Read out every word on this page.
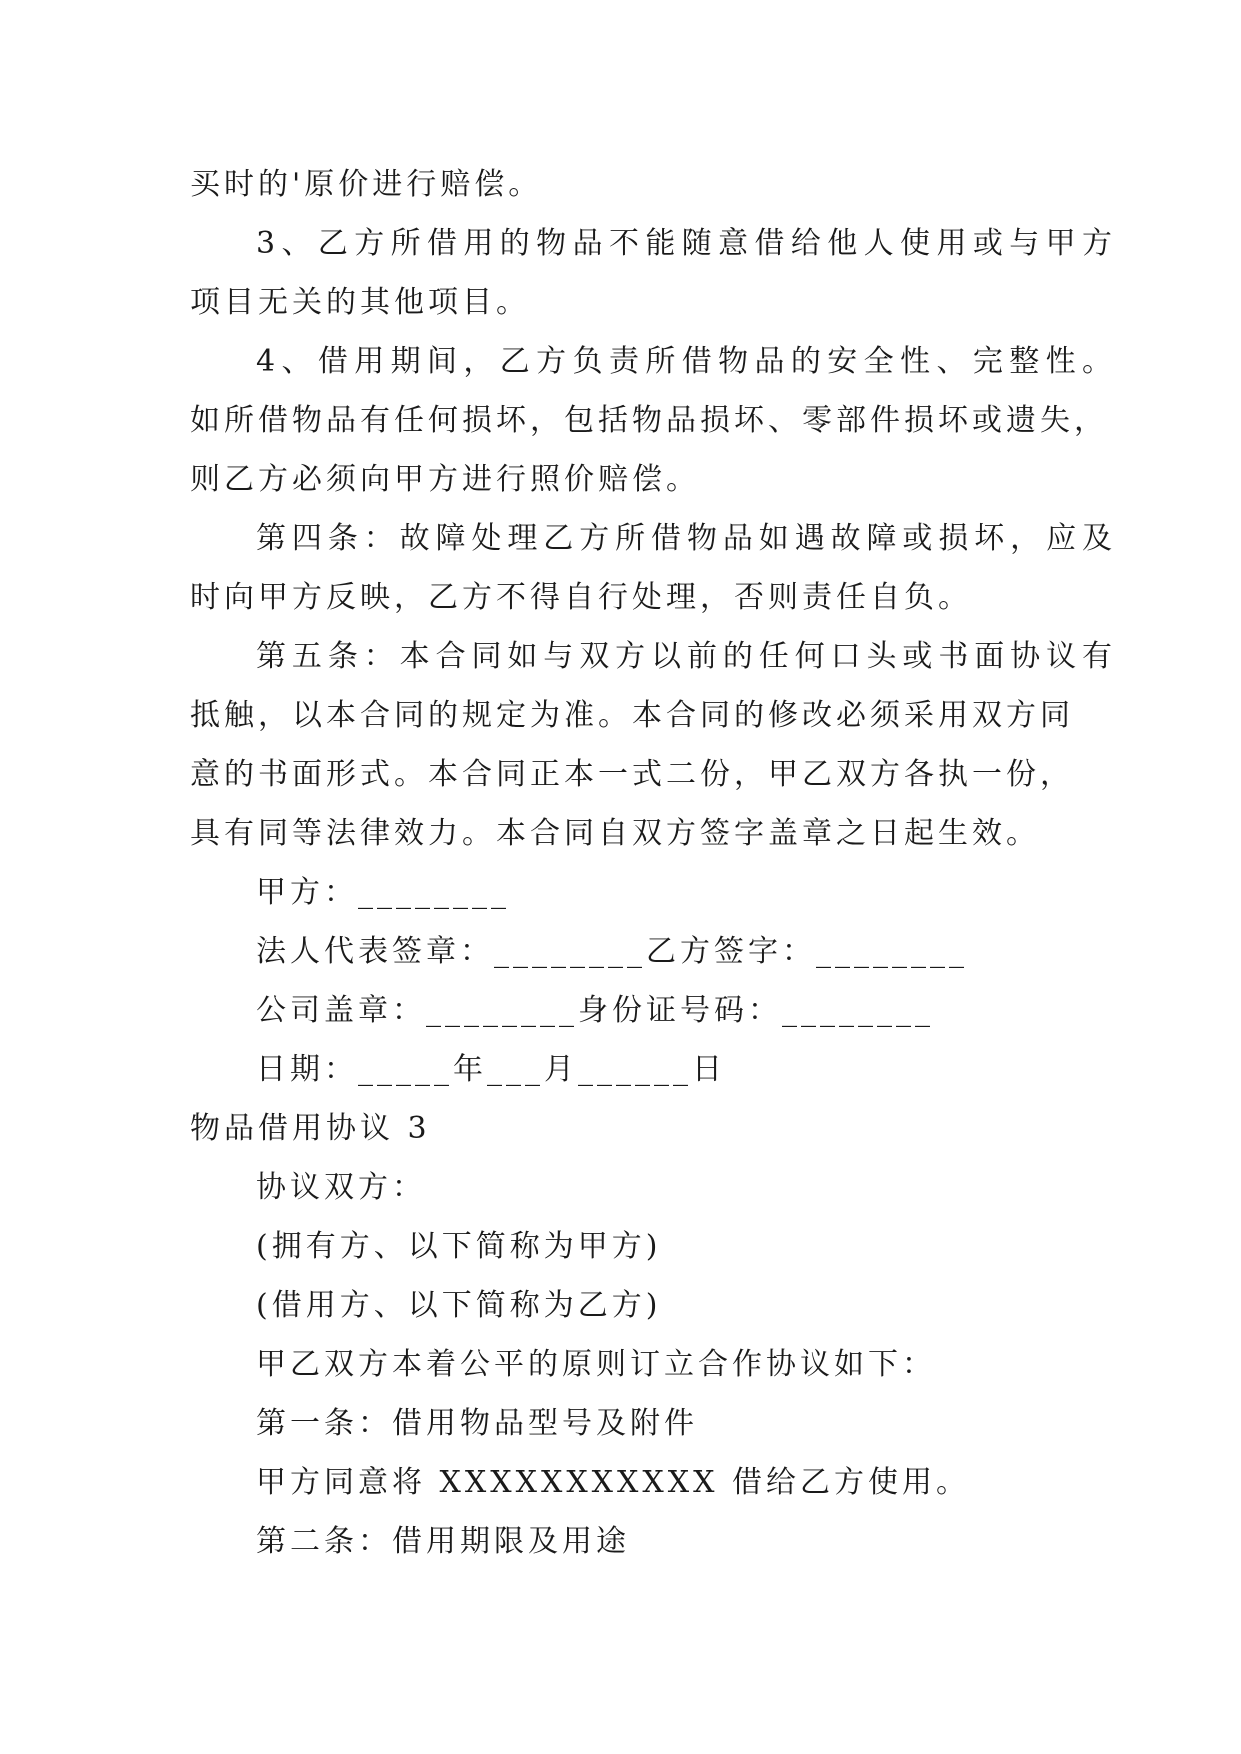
买时的'原价进行赔偿。
3、乙方所借用的物品不能随意借给他人使用或与甲方
项目无关的其他项目。
4、借用期间，乙方负责所借物品的安全性、完整性。
如所借物品有任何损坏，包括物品损坏、零部件损坏或遗失，
则乙方必须向甲方进行照价赔偿。
第四条：故障处理乙方所借物品如遇故障或损坏，应及
时向甲方反映，乙方不得自行处理，否则责任自负。
第五条：本合同如与双方以前的任何口头或书面协议有
抵触，以本合同的规定为准。本合同的修改必须采用双方同
意的书面形式。本合同正本一式二份，甲乙双方各执一份，
具有同等法律效力。本合同自双方签字盖章之日起生效。
甲方：________
法人代表签章：________乙方签字：________
公司盖章：________身份证号码：________
日期：_____年___月______日
物品借用协议 3
协议双方：
(拥有方、以下简称为甲方)
(借用方、以下简称为乙方)
甲乙双方本着公平的原则订立合作协议如下：
第一条：借用物品型号及附件
甲方同意将 XXXXXXXXXXX 借给乙方使用。
第二条：借用期限及用途
